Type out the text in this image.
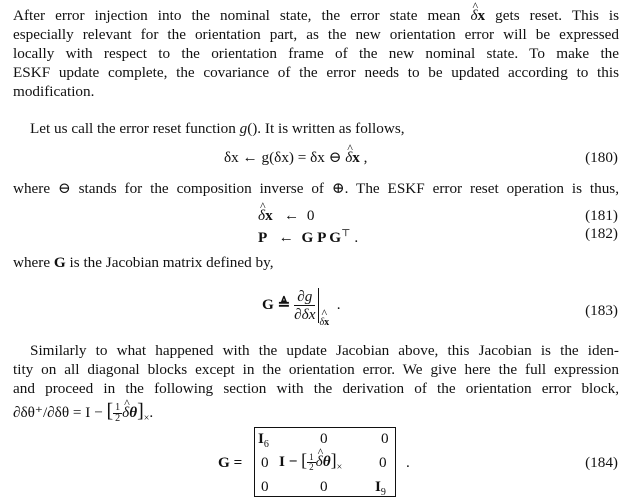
After error injection into the nominal state, the error state mean ^ δx gets reset. This is
especially relevant for the orientation part, as the new orientation error will be expressed
locally with respect to the orientation frame of the new nominal state. To make the
ESKF update complete, the covariance of the error needs to be updated according to this
modification.
Let us call the error reset function g(). It is written as follows,
δx ← g(δx) = δx ⊖ ^ δx ,	(180)
where ⊖ stands for the composition inverse of ⊕. The ESKF error reset operation is thus,
^ δx ← 0	(181)
P ← G P G⊤ .	(182)
where G is the Jacobian matrix defined by,
G ≜ $\frac{\partial g}{\partial\delta x}$ ^ δx  .	(183)
Similarly to what happened with the update Jacobian above, this Jacobian is the iden-
tity on all diagonal blocks except in the orientation error. We give here the full expression
and proceed in the following section with the derivation of the orientation error block,
∂δθ⁺/∂δθ = I − [ $\frac{1}{2}$ ^ $\delta\theta]_\times$.
G =
$I_6$	0	0
0 I − [ $\frac{1}{2}$ ^ $\delta\theta]_\times$ 0
0	0	$I_9$
.	(184)
